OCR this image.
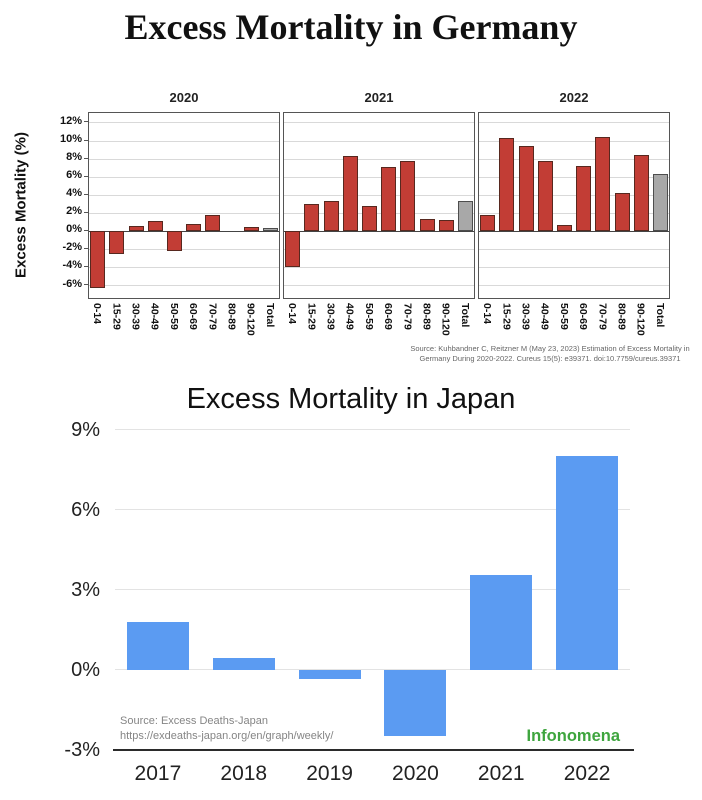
Excess Mortality in Germany
Excess Mortality (%)
12%
10%
8%
6%
4%
2%
0%
-2%
-4%
-6%
2020
0-14 15-29 30-39 40-49 50-59 60-69 70-79 80-89 90-120 Total
2021
0-14 15-29 30-39 40-49 50-59 60-69 70-79 80-89 90-120 Total
2022
0-14 15-29 30-39 40-49 50-59 60-69 70-79 80-89 90-120 Total
Source: Kuhbandner C, Reitzner M (May 23, 2023) Estimation of Excess Mortality in
Germany During 2020-2022. Cureus 15(5): e39371. doi:10.7759/cureus.39371
Excess Mortality in Japan
9%
6%
3%
0%
-3%
2017	2018	2019	2020	2021	2022
Source: Excess Deaths-Japan
https://exdeaths-japan.org/en/graph/weekly/	Infonomena
